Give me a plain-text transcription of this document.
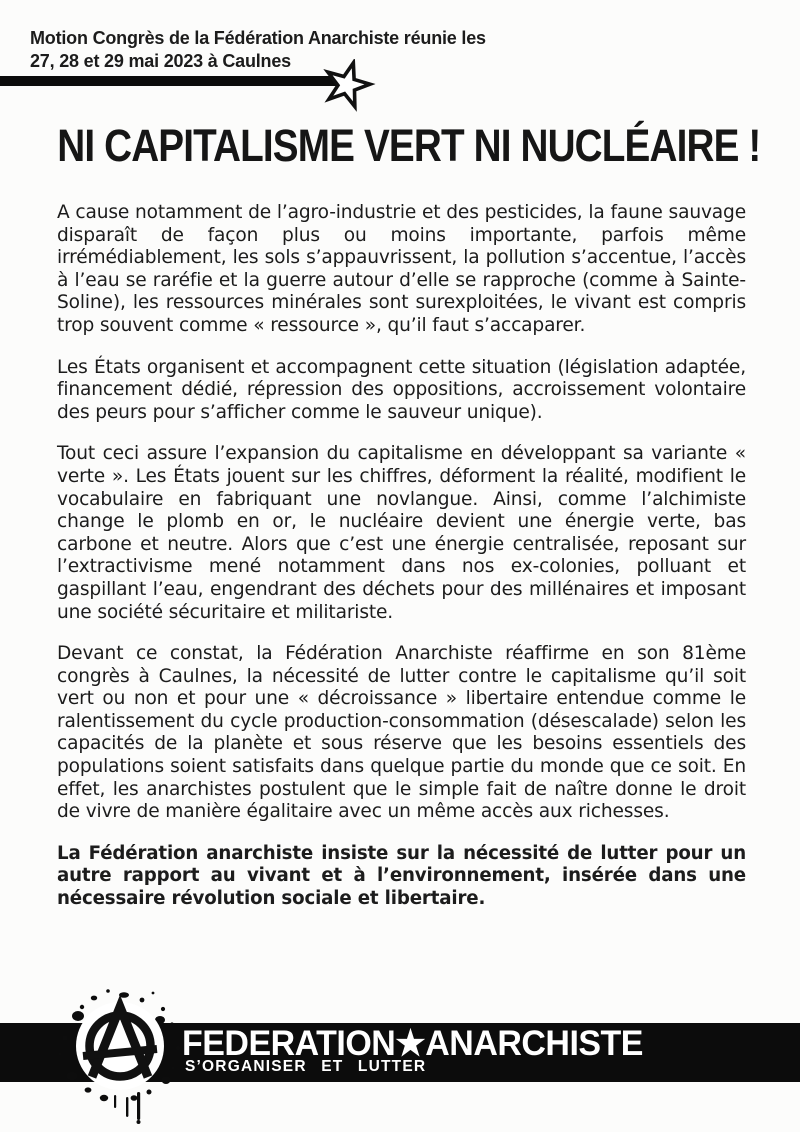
Motion Congrès de la Fédération Anarchiste réunie les
27, 28 et 29 mai 2023 à Caulnes
NI CAPITALISME VERT NI NUCLÉAIRE !

A cause notamment de l’agro-industrie et des pesticides, la faune sauvage disparaît de façon plus ou moins importante, parfois même irrémédiablement, les sols s’appauvrissent, la pollution s’accentue, l’accès à l’eau se raréfie et la guerre autour d’elle se rapproche (comme à Sainte-Soline), les ressources minérales sont surexploitées, le vivant est compris trop souvent comme « ressource », qu’il faut s’accaparer.

Les États organisent et accompagnent cette situation (législation adaptée, financement dédié, répression des oppositions, accroissement volontaire des peurs pour s’afficher comme le sauveur unique).

Tout ceci assure l’expansion du capitalisme en développant sa variante « verte ». Les États jouent sur les chiffres, déforment la réalité, modifient le vocabulaire en fabriquant une novlangue. Ainsi, comme l’alchimiste change le plomb en or, le nucléaire devient une énergie verte, bas carbone et neutre. Alors que c’est une énergie centralisée, reposant sur l’extractivisme mené notamment dans nos ex-colonies, polluant et gaspillant l’eau, engendrant des déchets pour des millénaires et imposant une société sécuritaire et militariste.

Devant ce constat, la Fédération Anarchiste réaffirme en son 81ème congrès à Caulnes, la nécessité de lutter contre le capitalisme qu’il soit vert ou non et pour une « décroissance » libertaire entendue comme le ralentissement du cycle production-consommation (désescalade) selon les capacités de la planète et sous réserve que les besoins essentiels des populations soient satisfaits dans quelque partie du monde que ce soit. En effet, les anarchistes postulent que le simple fait de naître donne le droit de vivre de manière égalitaire avec un même accès aux richesses.

La Fédération anarchiste insiste sur la nécessité de lutter pour un autre rapport au vivant et à l’environnement, insérée dans une nécessaire révolution sociale et libertaire.

FEDERATION★ANARCHISTE
S’ORGANISER ET LUTTER
